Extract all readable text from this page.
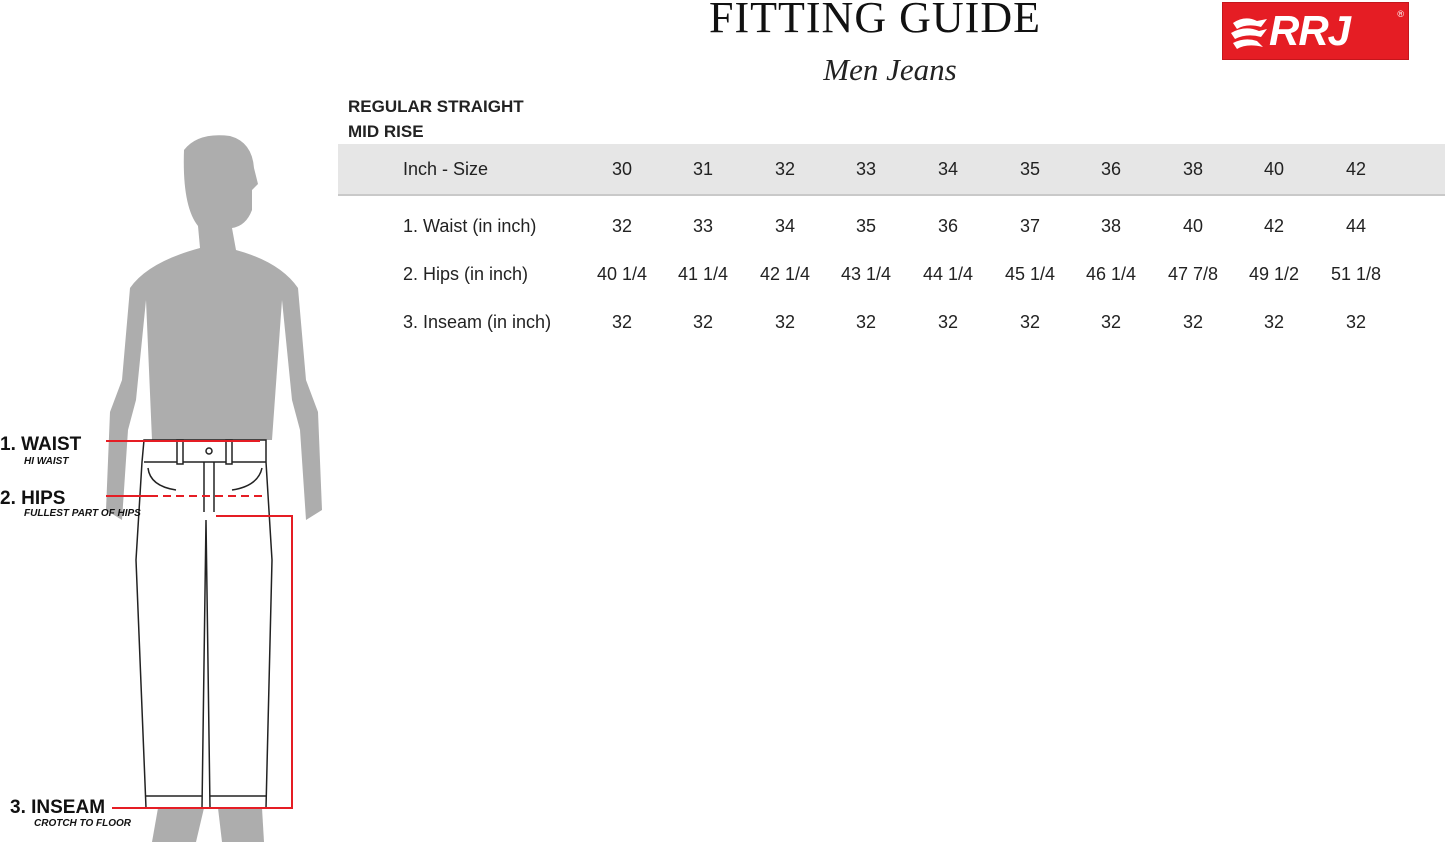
FITTING GUIDE
Men Jeans
RRJ	®
REGULAR STRAIGHT
MID RISE
Inch - Size	30	31	32	33	34	35	36	38	40	42
1. Waist (in inch)	32	33	34	35	36	37	38	40	42	44
2. Hips (in inch)	40 1/4	41 1/4	42 1/4	43 1/4	44 1/4	45 1/4	46 1/4	47 7/8	49 1/2	51 1/8
3. Inseam (in inch)	32	32	32	32	32	32	32	32	32	32
1. WAIST
HI WAIST
2. HIPS
FULLEST PART OF HIPS
3. INSEAM
CROTCH TO FLOOR
